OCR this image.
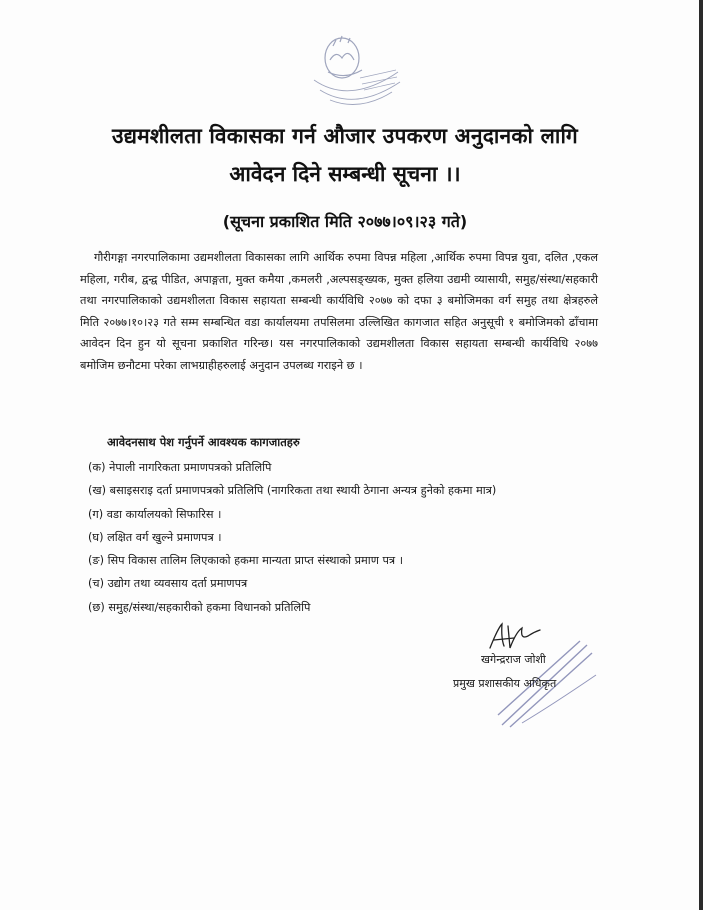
उद्यमशीलता विकासका गर्न औजार उपकरण अनुदानको लागि
आवेदन दिने सम्बन्धी सूचना ।।
(सूचना प्रकाशित मिति २०७७।०९।२३ गते)
गौरीगङ्गा नगरपालिकामा उद्यमशीलता विकासका लागि आर्थिक रुपमा विपन्न महिला ,आर्थिक रुपमा विपन्न युवा, दलित ,एकल महिला, गरीब, द्वन्द्व पीडित, अपाङ्गता, मुक्त कमैया ,कमलरी ,अल्पसङ्ख्यक, मुक्त हलिया उद्यमी व्यासायी, समुह/संस्था/सहकारी तथा नगरपालिकाको उद्यमशीलता विकास सहायता सम्बन्धी कार्यविधि २०७७ को दफा ३ बमोजिमका वर्ग समुह तथा क्षेत्रहरुले मिति २०७७।१०।२३ गते सम्म सम्बन्धित वडा कार्यालयमा तपसिलमा उल्लिखित कागजात सहित अनुसूची १ बमोजिमको ढाँचामा आवेदन दिन हुन यो सूचना प्रकाशित गरिन्छ। यस नगरपालिकाको उद्यमशीलता विकास सहायता सम्बन्धी कार्यविधि २०७७ बमोजिम छनौटमा परेका लाभग्राहीहरुलाई अनुदान उपलब्ध गराइने छ ।
आवेदनसाथ पेश गर्नुपर्ने आवश्यक कागजातहरु
(क) नेपाली नागरिकता प्रमाणपत्रको प्रतिलिपि
(ख) बसाइसराइ दर्ता प्रमाणपत्रको प्रतिलिपि (नागरिकता तथा स्थायी ठेगाना अन्यत्र हुनेको हकमा मात्र)
(ग) वडा कार्यालयको सिफारिस ।
(घ) लक्षित वर्ग खुल्ने प्रमाणपत्र ।
(ङ) सिप विकास तालिम लिएकाको हकमा मान्यता प्राप्त संस्थाको प्रमाण पत्र ।
(च) उद्योग तथा व्यवसाय दर्ता प्रमाणपत्र
(छ) समुह/संस्था/सहकारीको हकमा विधानको प्रतिलिपि
खगेन्द्रराज जोशी
प्रमुख प्रशासकीय अधिकृत
